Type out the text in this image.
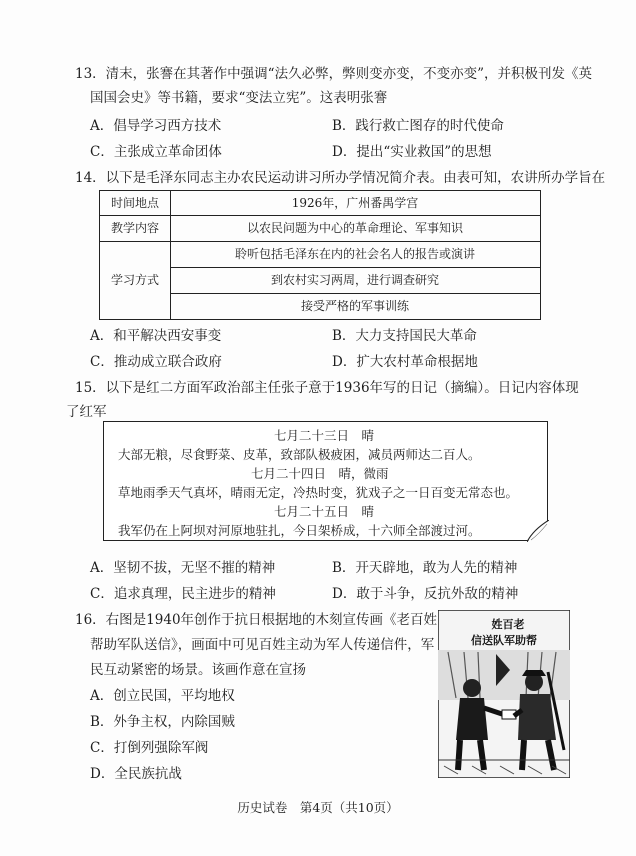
13．清末，张謇在其著作中强调“法久必弊，弊则变亦变，不变亦变”，并积极刊发《英
国国会史》等书籍，要求“变法立宪”。这表明张謇
A．倡导学习西方技术	B．践行救亡图存的时代使命
C．主张成立革命团体	D．提出“实业救国”的思想
14．以下是毛泽东同志主办农民运动讲习所办学情况简介表。由表可知，农讲所办学旨在
时间地点	1926年，广州番禺学宫
教学内容	以农民问题为中心的革命理论、军事知识
学习方式
聆听包括毛泽东在内的社会名人的报告或演讲
到农村实习两周，进行调查研究
接受严格的军事训练
A．和平解决西安事变	B．大力支持国民大革命
C．推动成立联合政府	D．扩大农村革命根据地
15．以下是红二方面军政治部主任张子意于1936年写的日记（摘编）。日记内容体现
了红军
七月二十三日　晴
大部无粮，尽食野菜、皮革，致部队极疲困，减员两师达二百人。
七月二十四日　晴，微雨
草地雨季天气真坏，晴雨无定，冷热时变，犹戏子之一日百变无常态也。
七月二十五日　晴
我军仍在上阿坝对河原地驻扎，今日架桥成，十六师全部渡过河。
A．坚韧不拔，无坚不摧的精神	B．开天辟地，敢为人先的精神
C．追求真理，民主进步的精神	D．敢于斗争，反抗外敌的精神
16．右图是1940年创作于抗日根据地的木刻宣传画《老百姓
帮助军队送信》，画面中可见百姓主动为军人传递信件，军
民互动紧密的场景。该画作意在宣扬
A．创立民国，平均地权
B．外争主权，内除国贼
C．打倒列强除军阀
D．全民族抗战
姓百老
信送队军助帮
历史试卷　第4页（共10页）
